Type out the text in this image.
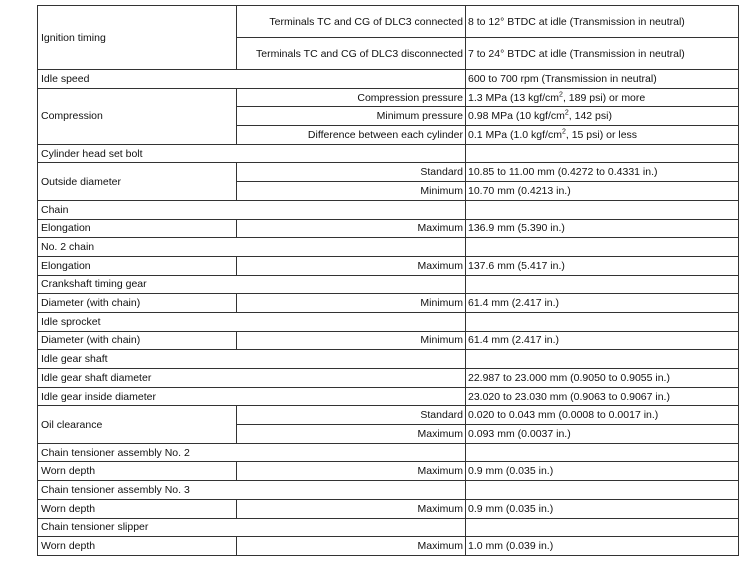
Ignition timing	Terminals TC and CG of DLC3 connected	8 to 12° BTDC at idle (Transmission in neutral)
	Terminals TC and CG of DLC3 disconnected	7 to 24° BTDC at idle (Transmission in neutral)
Idle speed		600 to 700 rpm (Transmission in neutral)
Compression	Compression pressure	1.3 MPa (13 kgf/$cm^2$, 189 psi) or more
	Minimum pressure	0.98 MPa (10 kgf/$cm^2$, 142 psi)
	Difference between each cylinder	0.1 MPa (1.0 kgf/$cm^2$, 15 psi) or less
Cylinder head set bolt		
Outside diameter	Standard	10.85 to 11.00 mm (0.4272 to 0.4331 in.)
	Minimum	10.70 mm (0.4213 in.)
Chain		
Elongation	Maximum	136.9 mm (5.390 in.)
No. 2 chain		
Elongation	Maximum	137.6 mm (5.417 in.)
Crankshaft timing gear		
Diameter (with chain)	Minimum	61.4 mm (2.417 in.)
Idle sprocket		
Diameter (with chain)	Minimum	61.4 mm (2.417 in.)
Idle gear shaft		
Idle gear shaft diameter		22.987 to 23.000 mm (0.9050 to 0.9055 in.)
Idle gear inside diameter		23.020 to 23.030 mm (0.9063 to 0.9067 in.)
Oil clearance	Standard	0.020 to 0.043 mm (0.0008 to 0.0017 in.)
	Maximum	0.093 mm (0.0037 in.)
Chain tensioner assembly No. 2		
Worn depth	Maximum	0.9 mm (0.035 in.)
Chain tensioner assembly No. 3		
Worn depth	Maximum	0.9 mm (0.035 in.)
Chain tensioner slipper		
Worn depth	Maximum	1.0 mm (0.039 in.)
